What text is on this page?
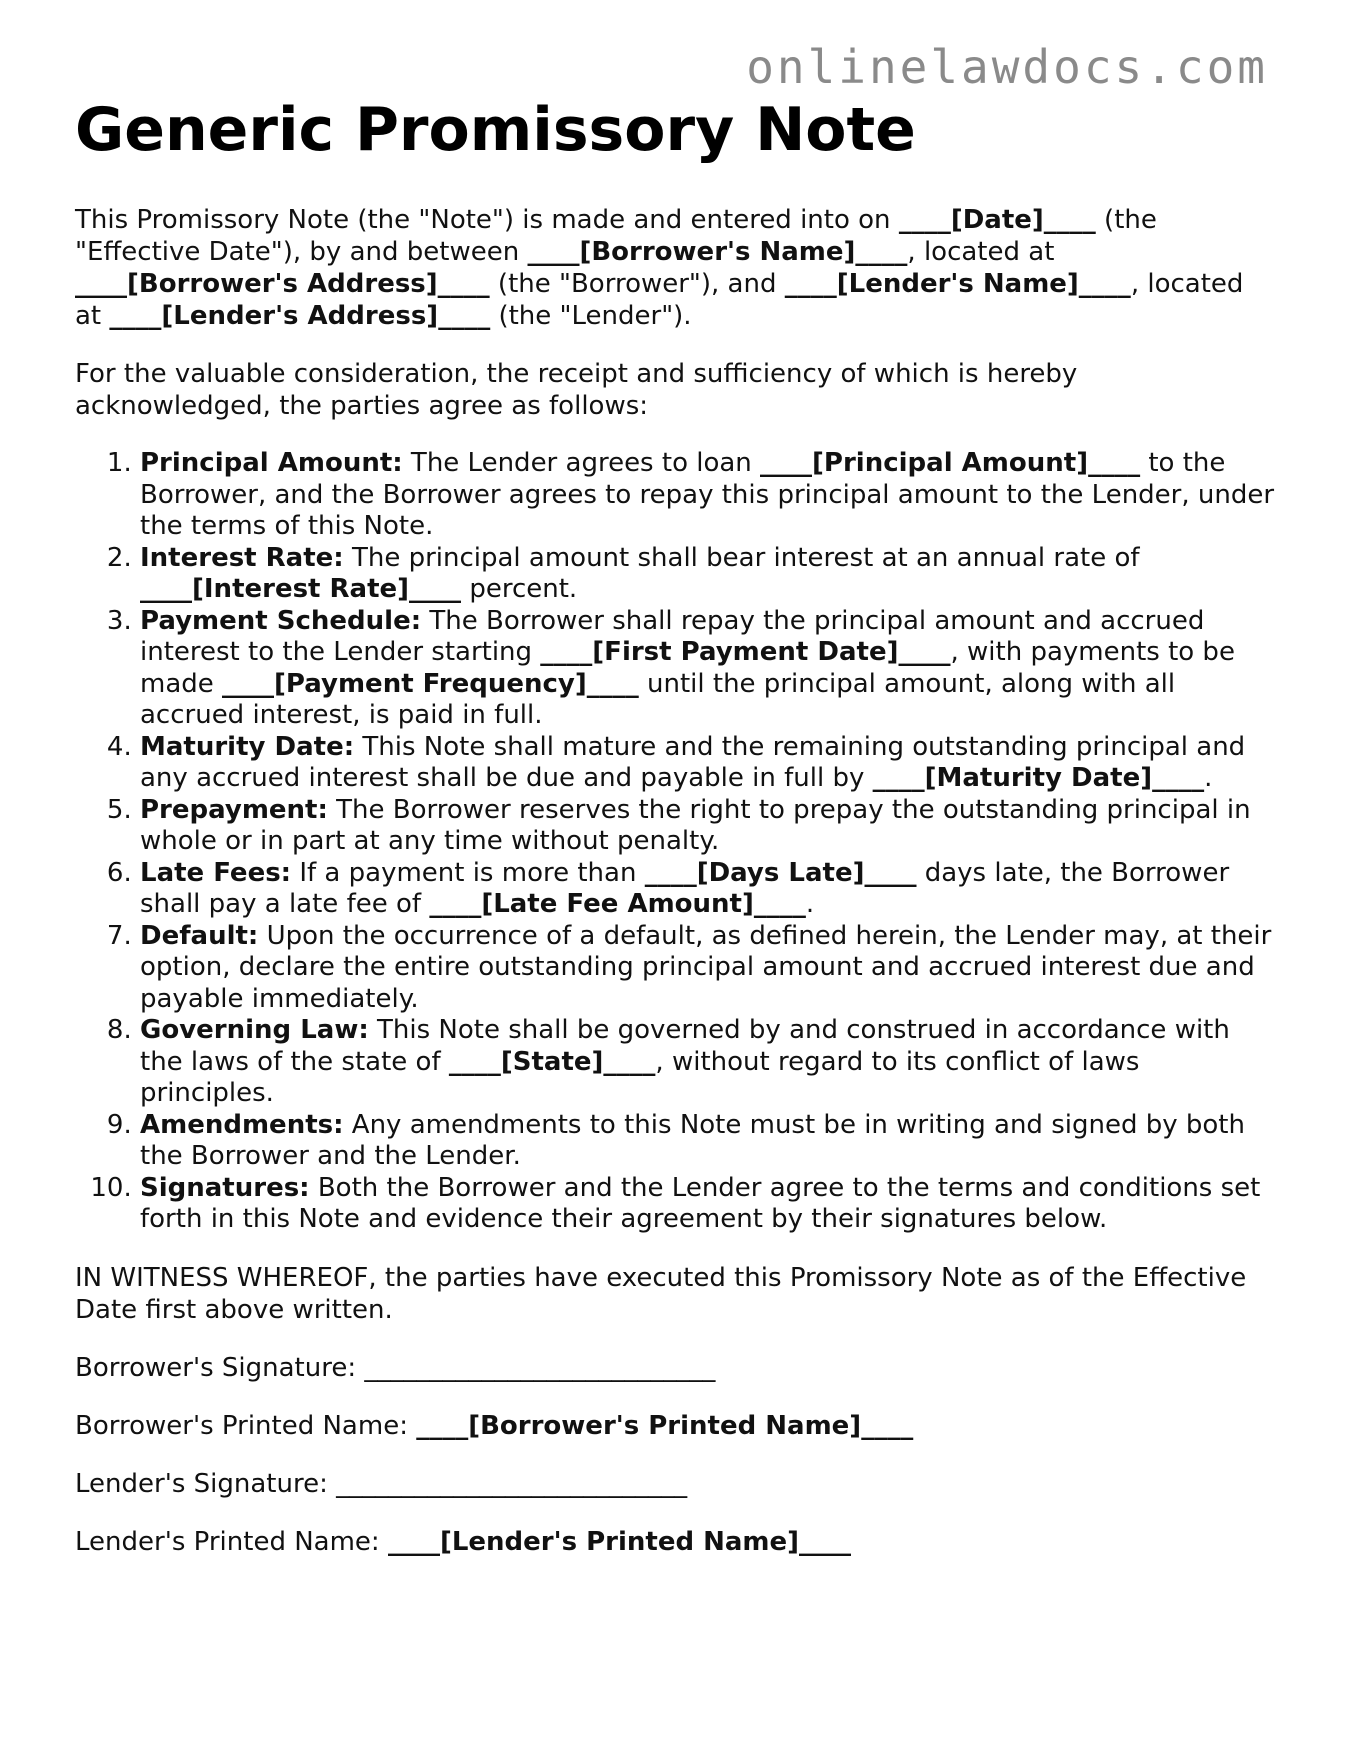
onlinelawdocs.com
Generic Promissory Note

This Promissory Note (the "Note") is made and entered into on ____[Date]____ (the "Effective Date"), by and between ____[Borrower's Name]____, located at ____[Borrower's Address]____ (the "Borrower"), and ____[Lender's Name]____, located at ____[Lender's Address]____ (the "Lender").

For the valuable consideration, the receipt and sufficiency of which is hereby acknowledged, the parties agree as follows:

1. Principal Amount: The Lender agrees to loan ____[Principal Amount]____ to the Borrower, and the Borrower agrees to repay this principal amount to the Lender, under the terms of this Note.
2. Interest Rate: The principal amount shall bear interest at an annual rate of ____[Interest Rate]____ percent.
3. Payment Schedule: The Borrower shall repay the principal amount and accrued interest to the Lender starting ____[First Payment Date]____, with payments to be made ____[Payment Frequency]____ until the principal amount, along with all accrued interest, is paid in full.
4. Maturity Date: This Note shall mature and the remaining outstanding principal and any accrued interest shall be due and payable in full by ____[Maturity Date]____.
5. Prepayment: The Borrower reserves the right to prepay the outstanding principal in whole or in part at any time without penalty.
6. Late Fees: If a payment is more than ____[Days Late]____ days late, the Borrower shall pay a late fee of ____[Late Fee Amount]____.
7. Default: Upon the occurrence of a default, as defined herein, the Lender may, at their option, declare the entire outstanding principal amount and accrued interest due and payable immediately.
8. Governing Law: This Note shall be governed by and construed in accordance with the laws of the state of ____[State]____, without regard to its conflict of laws principles.
9. Amendments: Any amendments to this Note must be in writing and signed by both the Borrower and the Lender.
10. Signatures: Both the Borrower and the Lender agree to the terms and conditions set forth in this Note and evidence their agreement by their signatures below.

IN WITNESS WHEREOF, the parties have executed this Promissory Note as of the Effective Date first above written.

Borrower's Signature: ___________________________
Borrower's Printed Name: ____[Borrower's Printed Name]____
Lender's Signature: ___________________________
Lender's Printed Name: ____[Lender's Printed Name]____
